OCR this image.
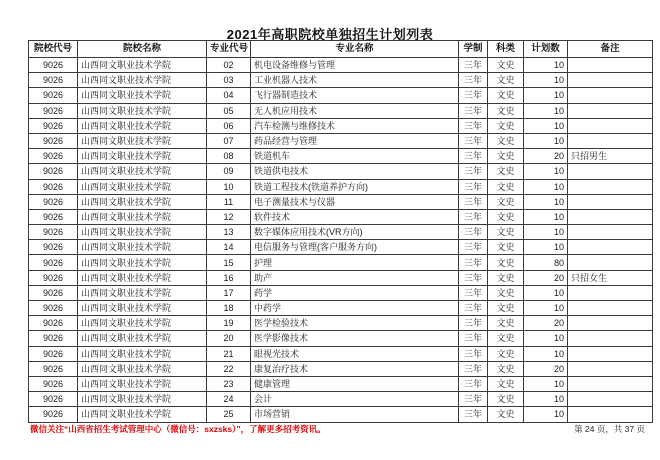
2021年高职院校单独招生计划列表
院校代号	院校名称	专业代号	专业名称	学制	科类	计划数	备注
9026	山西同文职业技术学院	02	机电设备维修与管理	三年	文史	10	
9026	山西同文职业技术学院	03	工业机器人技术	三年	文史	10	
9026	山西同文职业技术学院	04	飞行器制造技术	三年	文史	10	
9026	山西同文职业技术学院	05	无人机应用技术	三年	文史	10	
9026	山西同文职业技术学院	06	汽车检测与维修技术	三年	文史	10	
9026	山西同文职业技术学院	07	药品经营与管理	三年	文史	10	
9026	山西同文职业技术学院	08	铁道机车	三年	文史	20	只招男生
9026	山西同文职业技术学院	09	铁道供电技术	三年	文史	10	
9026	山西同文职业技术学院	10	铁道工程技术(铁道养护方向)	三年	文史	10	
9026	山西同文职业技术学院	11	电子测量技术与仪器	三年	文史	10	
9026	山西同文职业技术学院	12	软件技术	三年	文史	10	
9026	山西同文职业技术学院	13	数字媒体应用技术(VR方向)	三年	文史	10	
9026	山西同文职业技术学院	14	电信服务与管理(客户服务方向)	三年	文史	10	
9026	山西同文职业技术学院	15	护理	三年	文史	80	
9026	山西同文职业技术学院	16	助产	三年	文史	20	只招女生
9026	山西同文职业技术学院	17	药学	三年	文史	10	
9026	山西同文职业技术学院	18	中药学	三年	文史	10	
9026	山西同文职业技术学院	19	医学检验技术	三年	文史	20	
9026	山西同文职业技术学院	20	医学影像技术	三年	文史	10	
9026	山西同文职业技术学院	21	眼视光技术	三年	文史	10	
9026	山西同文职业技术学院	22	康复治疗技术	三年	文史	20	
9026	山西同文职业技术学院	23	健康管理	三年	文史	10	
9026	山西同文职业技术学院	24	会计	三年	文史	10	
9026	山西同文职业技术学院	25	市场营销	三年	文史	10	
微信关注“山西省招生考试管理中心（微信号：sxzsks）”，了解更多招考资讯。	第 24 页，共 37 页
